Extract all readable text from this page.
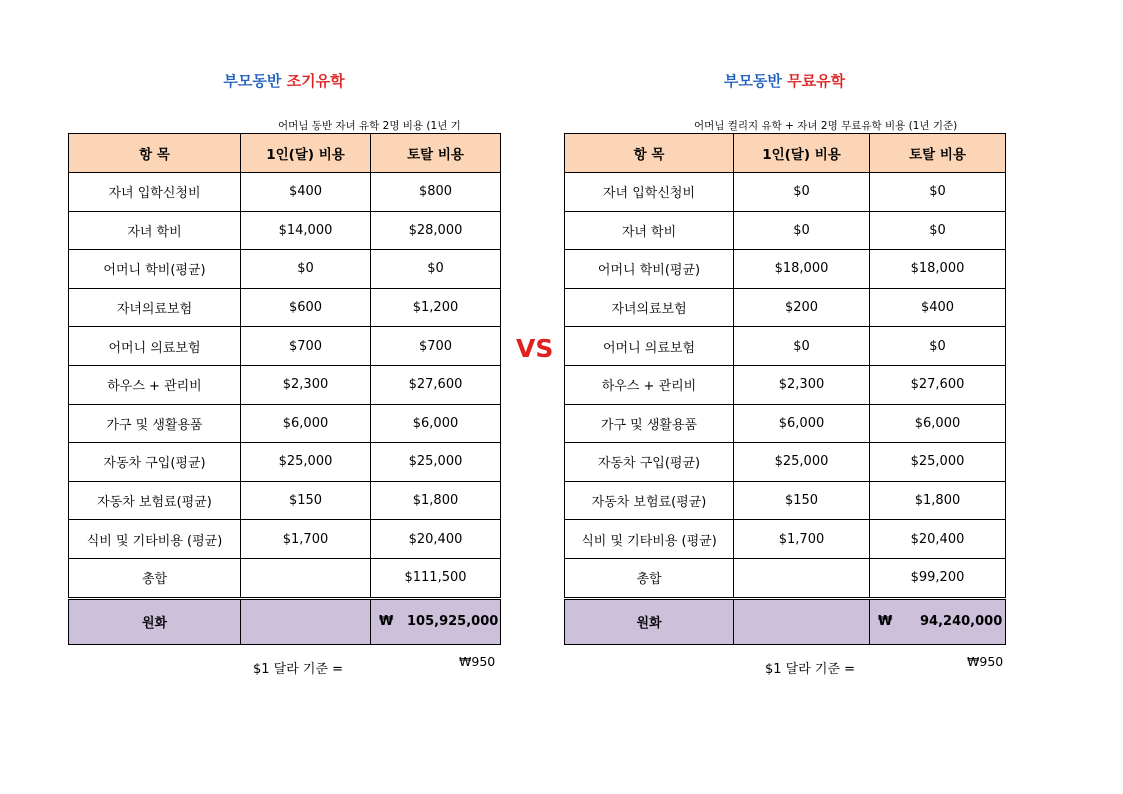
부모동반 조기유학
어머님 동반 자녀 유학 2명 비용 (1년 기
항 목	1인(달) 비용	토탈 비용
자녀 입학신청비	$400	$800
자녀 학비	$14,000	$28,000
어머니 학비(평균)	$0	$0
자녀의료보험	$600	$1,200
어머니 의료보험	$700	$700
하우스 + 관리비	$2,300	$27,600
가구 및 생활용품	$6,000	$6,000
자동차 구입(평균)	$25,000	$25,000
자동차 보험료(평균)	$150	$1,800
식비 및 기타비용 (평균)	$1,700	$20,400
총합		$111,500
원화		₩ 105,925,000
$1 달라 기준 =
₩950
VS
부모동반 무료유학
어머님 컬리지 유학 + 자녀 2명 무료유학 비용 (1년 기준)
항 목	1인(달) 비용	토탈 비용
자녀 입학신청비	$0	$0
자녀 학비	$0	$0
어머니 학비(평균)	$18,000	$18,000
자녀의료보험	$200	$400
어머니 의료보험	$0	$0
하우스 + 관리비	$2,300	$27,600
가구 및 생활용품	$6,000	$6,000
자동차 구입(평균)	$25,000	$25,000
자동차 보험료(평균)	$150	$1,800
식비 및 기타비용 (평균)	$1,700	$20,400
총합		$99,200
원화		₩ 94,240,000
$1 달라 기준 =
₩950
